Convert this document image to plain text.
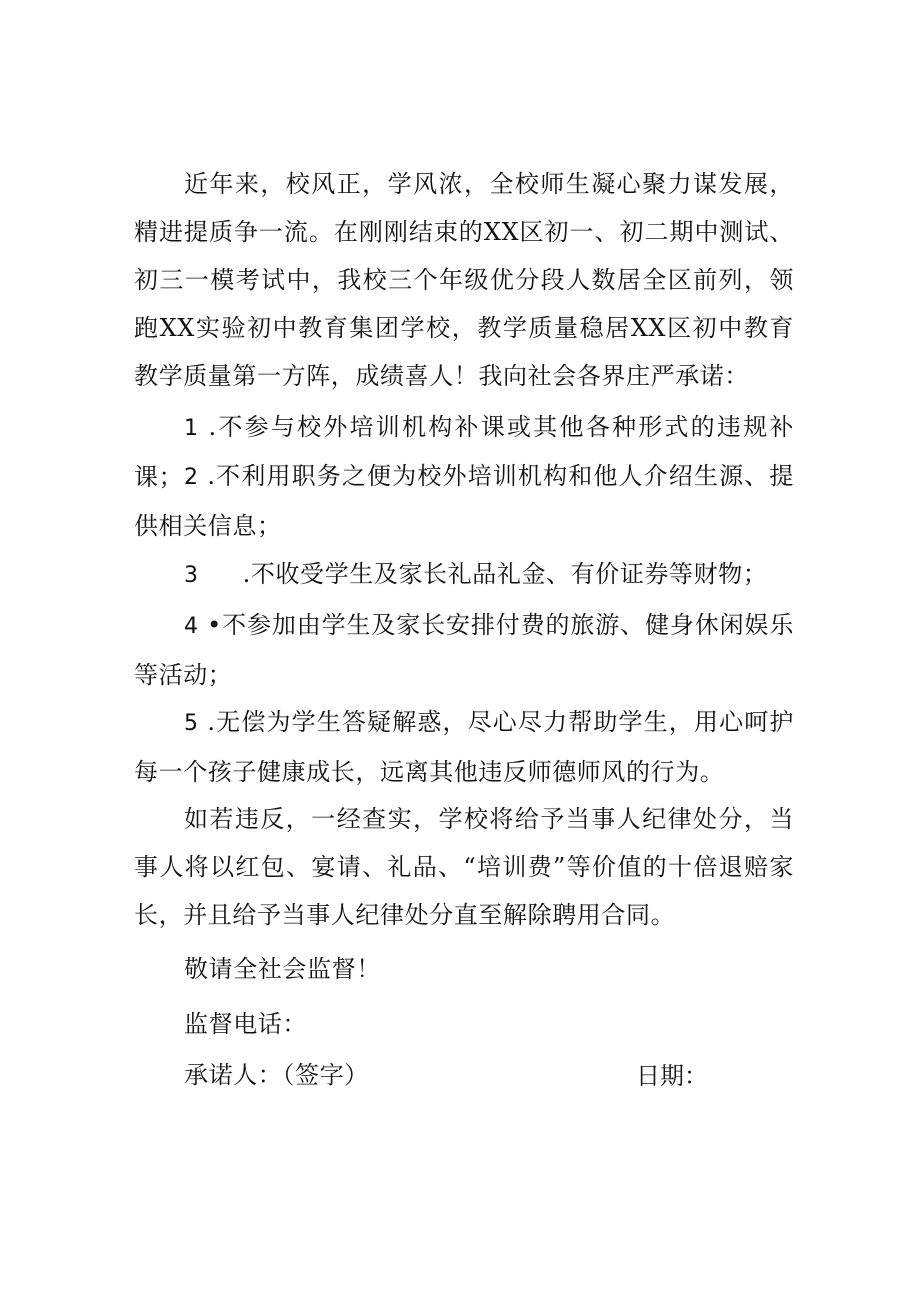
近年来，校风正，学风浓，全校师生凝心聚力谋发展，精进提质争一流。在刚刚结束的XX区初一、初二期中测试、初三一模考试中，我校三个年级优分段人数居全区前列，领跑XX实验初中教育集团学校，教学质量稳居XX区初中教育教学质量第一方阵，成绩喜人！我向社会各界庄严承诺：

1 .不参与校外培训机构补课或其他各种形式的违规补课； 2 .不利用职务之便为校外培训机构和他人介绍生源、提供相关信息；

3 .不收受学生及家长礼品礼金、有价证券等财物；

4 •不参加由学生及家长安排付费的旅游、健身休闲娱乐等活动；

5 .无偿为学生答疑解惑，尽心尽力帮助学生，用心呵护每一个孩子健康成长，远离其他违反师德师风的行为。

如若违反，一经查实，学校将给予当事人纪律处分，当事人将以红包、宴请、礼品、“培训费”等价值的十倍退赔家长，并且给予当事人纪律处分直至解除聘用合同。

敬请全社会监督！
监督电话：
承诺人：（签字）	日期：
